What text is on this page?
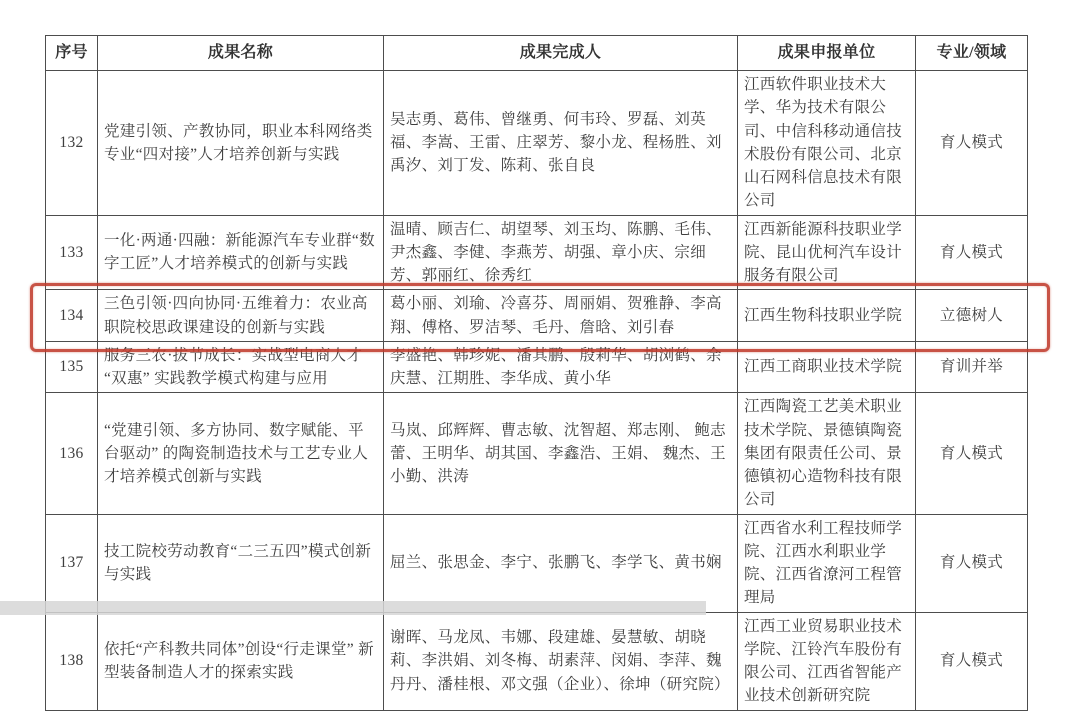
序号	成果名称	成果完成人	成果申报单位	专业/领域
132	党建引领、产教协同，职业本科网络类专业“四对接”人才培养创新与实践	吴志勇、葛伟、曾继勇、何韦玲、罗磊、刘英福、李嵩、王雷、庄翠芳、黎小龙、程杨胜、刘禹汐、刘丁发、陈莉、张自良	江西软件职业技术大学、华为技术有限公司、中信科移动通信技术股份有限公司、北京山石网科信息技术有限公司	育人模式
133	一化·两通·四融：新能源汽车专业群“数字工匠”人才培养模式的创新与实践	温晴、顾吉仁、胡望琴、刘玉均、陈鹏、毛伟、尹杰鑫、李健、李燕芳、胡强、章小庆、宗细芳、郭丽红、徐秀红	江西新能源科技职业学院、昆山优柯汽车设计服务有限公司	育人模式
134	三色引领·四向协同·五维着力：农业高职院校思政课建设的创新与实践	葛小丽、刘瑜、冷喜芬、周丽娟、贺雅静、李高翔、傅格、罗洁琴、毛丹、詹晗、刘引春	江西生物科技职业学院	立德树人
135	服务三农·拔节成长：实战型电商人才“双惠” 实践教学模式构建与应用	李盛艳、韩珍妮、潘其鹏、殷莉华、胡浏鹤、余庆慧、江期胜、李华成、黄小华	江西工商职业技术学院	育训并举
136	“党建引领、多方协同、数字赋能、平台驱动” 的陶瓷制造技术与工艺专业人才培养模式创新与实践	马岚、邱辉辉、曹志敏、沈智超、郑志刚、 鲍志蕾、王明华、胡其国、李鑫浩、王娟、 魏杰、王小勤、洪涛	江西陶瓷工艺美术职业技术学院、景德镇陶瓷集团有限责任公司、景德镇初心造物科技有限公司	育人模式
137	技工院校劳动教育“二三五四”模式创新与实践	屈兰、张思金、李宁、张鹏飞、李学飞、黄书娴	江西省水利工程技师学院、江西水利职业学院、江西省潦河工程管理局	育人模式
138	依托“产科教共同体”创设“行走课堂” 新型装备制造人才的探索实践	谢晖、马龙凤、韦娜、段建雄、晏慧敏、胡晓莉、李洪娟、刘冬梅、胡素萍、闵娟、李萍、魏丹丹、潘桂根、邓文强（企业）、徐坤（研究院）	江西工业贸易职业技术学院、江铃汽车股份有限公司、江西省智能产业技术创新研究院	育人模式
